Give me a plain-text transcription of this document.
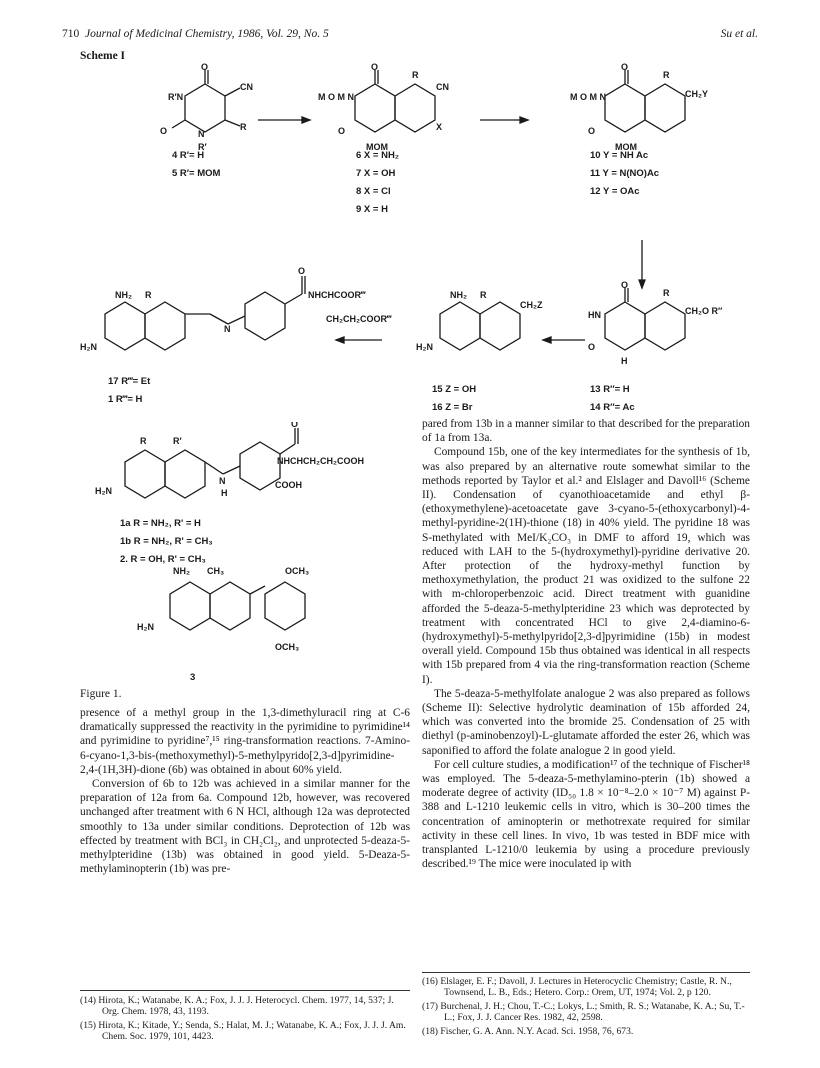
710 Journal of Medicinal Chemistry, 1986, Vol. 29, No. 5	Su et al.
Scheme I
O
R′N
CN
O	N
R
R′
O
R
M O M N
CN
O	X
MOM
O
R
M O M N	CH₂Y
O
MOM
O
NHCHCOOR‴
CH₂CH₂COOR‴
NH₂ R
H₂N
N
NH₂ R
CH₂Z
H₂N
O
R
HN	CH₂O R″
O
H
4 R′= H
5 R′= MOM
6 X = NH₂
7 X = OH
8 X = Cl
9 X = H
10 Y = NH Ac
11 Y = N(NO)Ac
12 Y = OAc
13 R″= H
14 R″= Ac
15 Z = OH
16 Z = Br
17 R‴= Et
1 R‴= H
O
NHCHCH₂CH₂COOH
COOH
R	R′
H₂N
N
H
NH₂ CH₃	OCH₃
H₂N
OCH₃
1a R = NH₂, R' = H
1b R = NH₂, R' = CH₃
2. R = OH, R' = CH₃
3
Figure 1.

presence of a methyl group in the 1,3-dimethyluracil ring at C-6 dramatically suppressed the reactivity in the pyrimidine to pyrimidine¹⁴ and pyrimidine to pyridine⁷,¹⁵ ring-transformation reactions. 7-Amino-6-cyano-1,3-bis-(methoxymethyl)-5-methylpyrido[2,3-d]pyrimidine-2,4-(1H,3H)-dione (6b) was obtained in about 60% yield.

Conversion of 6b to 12b was achieved in a similar manner for the preparation of 12a from 6a. Compound 12b, however, was recovered unchanged after treatment with 6 N HCl, although 12a was deprotected smoothly to 13a under similar conditions. Deprotection of 12b was effected by treatment with BCl₃ in CH₂Cl₂, and unprotected 5-deaza-5-methylpteridine (13b) was obtained in good yield. 5-Deaza-5-methylaminopterin (1b) was pre-

pared from 13b in a manner similar to that described for the preparation of 1a from 13a.

Compound 15b, one of the key intermediates for the synthesis of 1b, was also prepared by an alternative route somewhat similar to the methods reported by Taylor et al.² and Elslager and Davoll¹⁶ (Scheme II). Condensation of cyanothioacetamide and ethyl β-(ethoxymethylene)-acetoacetate gave 3-cyano-5-(ethoxycarbonyl)-4-methyl-pyridine-2(1H)-thione (18) in 40% yield. The pyridine 18 was S-methylated with MeI/K₂CO₃ in DMF to afford 19, which was reduced with LAH to the 5-(hydroxymethyl)-pyridine derivative 20. After protection of the hydroxy-methyl function by methoxymethylation, the product 21 was oxidized to the sulfone 22 with m-chloroperbenzoic acid. Direct treatment with guanidine afforded the 5-deaza-5-methylpteridine 23 which was deprotected by treatment with concentrated HCl to give 2,4-diamino-6-(hydroxymethyl)-5-methylpyrido[2,3-d]pyrimidine (15b) in modest overall yield. Compound 15b thus obtained was identical in all respects with 15b prepared from 4 via the ring-transformation reaction (Scheme I).

The 5-deaza-5-methylfolate analogue 2 was also prepared as follows (Scheme II): Selective hydrolytic deamination of 15b afforded 24, which was converted into the bromide 25. Condensation of 25 with diethyl (p-aminobenzoyl)-L-glutamate afforded the ester 26, which was saponified to afford the folate analogue 2 in good yield.

For cell culture studies, a modification¹⁷ of the technique of Fischer¹⁸ was employed. The 5-deaza-5-methylamino-pterin (1b) showed a moderate degree of activity (ID₅₀ 1.8 × 10⁻⁸–2.0 × 10⁻⁷ M) against P-388 and L-1210 leukemic cells in vitro, which is 30–200 times the concentration of aminopterin or methotrexate required for similar activity in these cell lines. In vivo, 1b was tested in BDF mice with transplanted L-1210/0 leukemia by using a procedure previously described.¹⁹ The mice were inoculated ip with

(14) Hirota, K.; Watanabe, K. A.; Fox, J. J. J. Heterocycl. Chem. 1977, 14, 537; J. Org. Chem. 1978, 43, 1193.

(15) Hirota, K.; Kitade, Y.; Senda, S.; Halat, M. J.; Watanabe, K. A.; Fox, J. J. J. Am. Chem. Soc. 1979, 101, 4423.

(16) Elslager, E. F.; Davoll, J. Lectures in Heterocyclic Chemistry; Castle, R. N., Townsend, L. B., Eds.; Hetero. Corp.: Orem, UT, 1974; Vol. 2, p 120.

(17) Burchenal, J. H.; Chou, T.-C.; Lokys, L.; Smith, R. S.; Watanabe, K. A.; Su, T.-L.; Fox, J. J. Cancer Res. 1982, 42, 2598.

(18) Fischer, G. A. Ann. N.Y. Acad. Sci. 1958, 76, 673.
